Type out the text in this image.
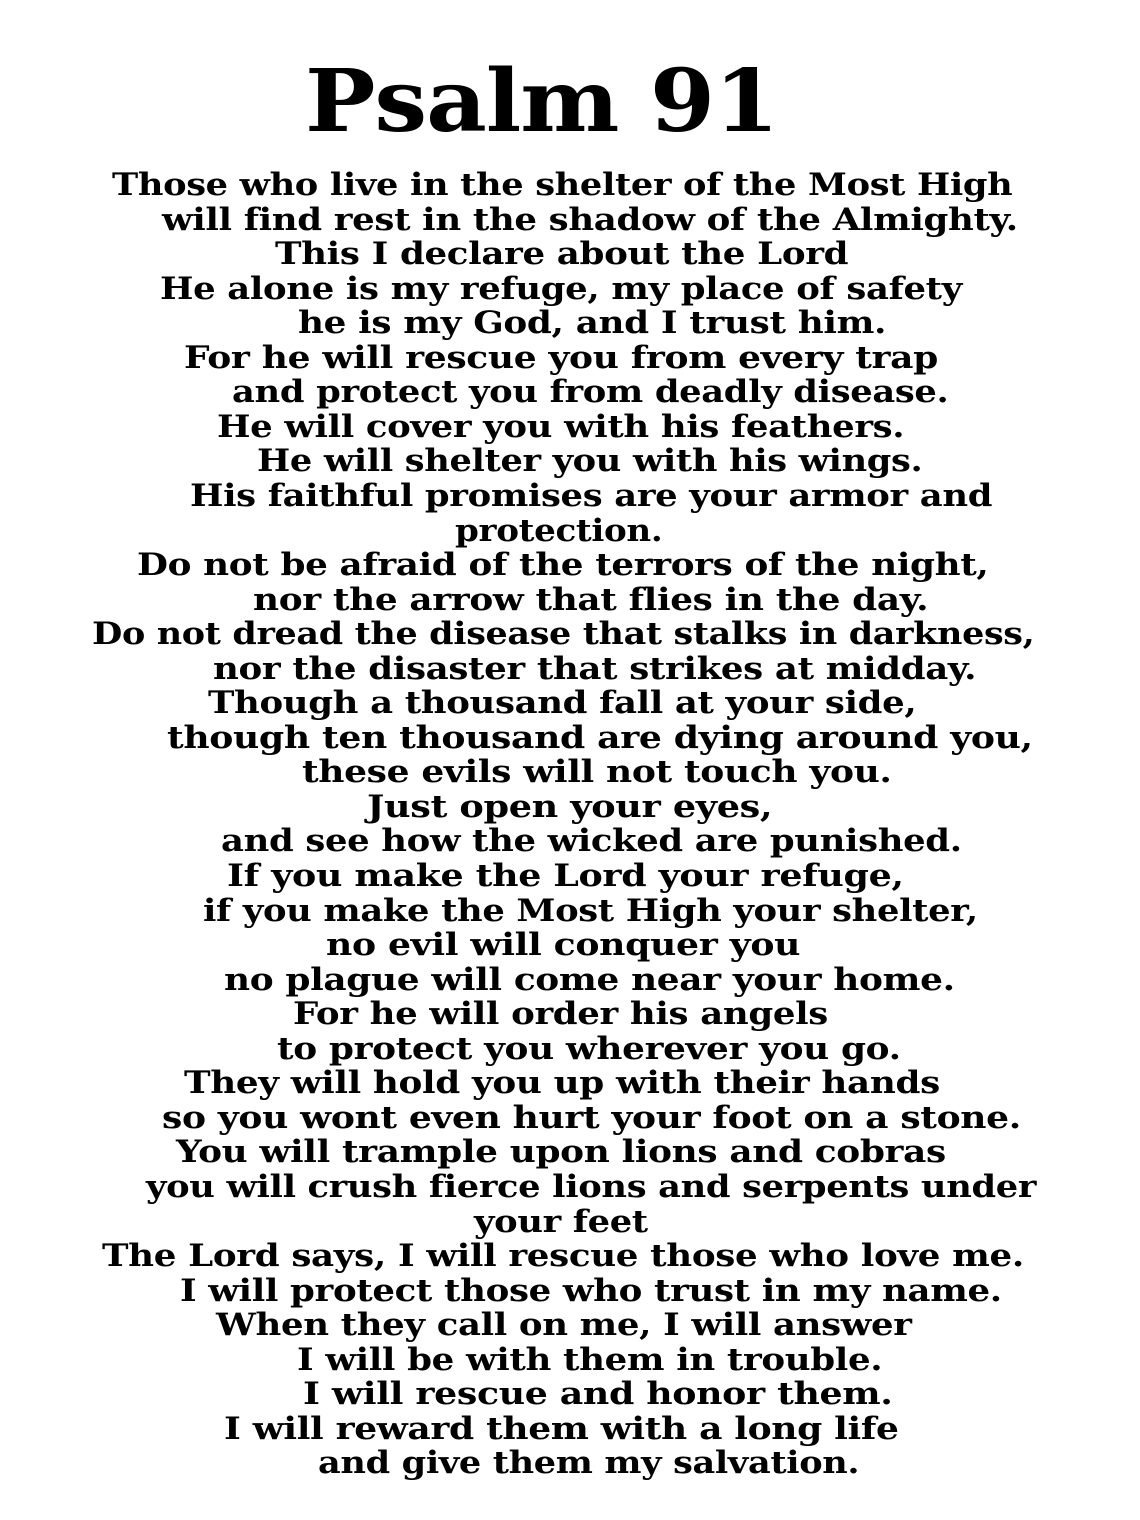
Psalm 91
Those who live in the shelter of the Most High
will find rest in the shadow of the Almighty.
This I declare about the Lord
He alone is my refuge, my place of safety
he is my God, and I trust him.
For he will rescue you from every trap
and protect you from deadly disease.
He will cover you with his feathers.
He will shelter you with his wings.
His faithful promises are your armor and
protection.
Do not be afraid of the terrors of the night,
nor the arrow that flies in the day.
Do not dread the disease that stalks in darkness,
nor the disaster that strikes at midday.
Though a thousand fall at your side,
though ten thousand are dying around you,
these evils will not touch you.
Just open your eyes,
and see how the wicked are punished.
If you make the Lord your refuge,
if you make the Most High your shelter,
no evil will conquer you
no plague will come near your home.
For he will order his angels
to protect you wherever you go.
They will hold you up with their hands
so you wont even hurt your foot on a stone.
You will trample upon lions and cobras
you will crush fierce lions and serpents under
your feet
The Lord says, I will rescue those who love me.
I will protect those who trust in my name.
When they call on me, I will answer
I will be with them in trouble.
I will rescue and honor them.
I will reward them with a long life
and give them my salvation.
